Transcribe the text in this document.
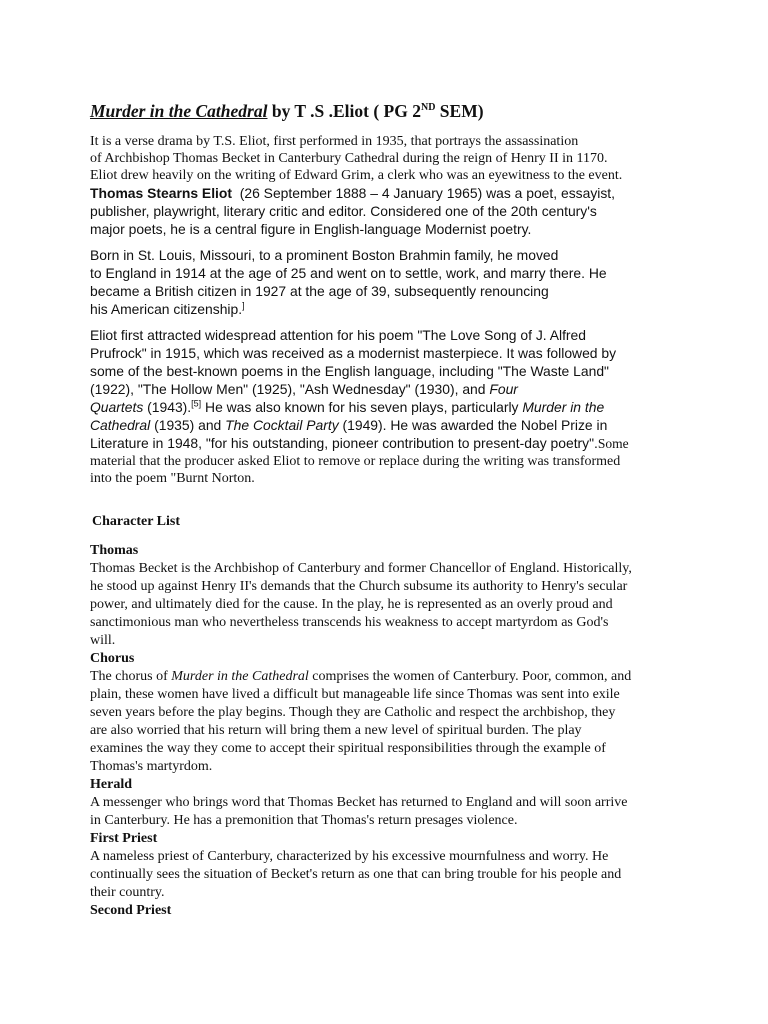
Murder in the Cathedral by T .S .Eliot ( PG 2ND SEM)

It is a verse drama by T.S. Eliot, first performed in 1935, that portrays the assassination
of Archbishop Thomas Becket in Canterbury Cathedral during the reign of Henry II in 1170.
Eliot drew heavily on the writing of Edward Grim, a clerk who was an eyewitness to the event.

Thomas Stearns Eliot  (26 September 1888 – 4 January 1965) was a poet, essayist,
publisher, playwright, literary critic and editor. Considered one of the 20th century's
major poets, he is a central figure in English-language Modernist poetry.

Born in St. Louis, Missouri, to a prominent Boston Brahmin family, he moved
to England in 1914 at the age of 25 and went on to settle, work, and marry there. He
became a British citizen in 1927 at the age of 39, subsequently renouncing
his American citizenship.]

Eliot first attracted widespread attention for his poem "The Love Song of J. Alfred
Prufrock" in 1915, which was received as a modernist masterpiece. It was followed by
some of the best-known poems in the English language, including "The Waste Land"
(1922), "The Hollow Men" (1925), "Ash Wednesday" (1930), and Four
Quartets (1943).[5] He was also known for his seven plays, particularly Murder in the
Cathedral (1935) and The Cocktail Party (1949). He was awarded the Nobel Prize in
Literature in 1948, "for his outstanding, pioneer contribution to present-day poetry".Some

material that the producer asked Eliot to remove or replace during the writing was transformed
into the poem "Burnt Norton.

Character List
Thomas

Thomas Becket is the Archbishop of Canterbury and former Chancellor of England. Historically,
he stood up against Henry II's demands that the Church subsume its authority to Henry's secular
power, and ultimately died for the cause. In the play, he is represented as an overly proud and
sanctimonious man who nevertheless transcends his weakness to accept martyrdom as God's
will.

Chorus

The chorus of Murder in the Cathedral comprises the women of Canterbury. Poor, common, and
plain, these women have lived a difficult but manageable life since Thomas was sent into exile
seven years before the play begins. Though they are Catholic and respect the archbishop, they
are also worried that his return will bring them a new level of spiritual burden. The play
examines the way they come to accept their spiritual responsibilities through the example of
Thomas's martyrdom.

Herald

A messenger who brings word that Thomas Becket has returned to England and will soon arrive
in Canterbury. He has a premonition that Thomas's return presages violence.

First Priest

A nameless priest of Canterbury, characterized by his excessive mournfulness and worry. He
continually sees the situation of Becket's return as one that can bring trouble for his people and
their country.

Second Priest
